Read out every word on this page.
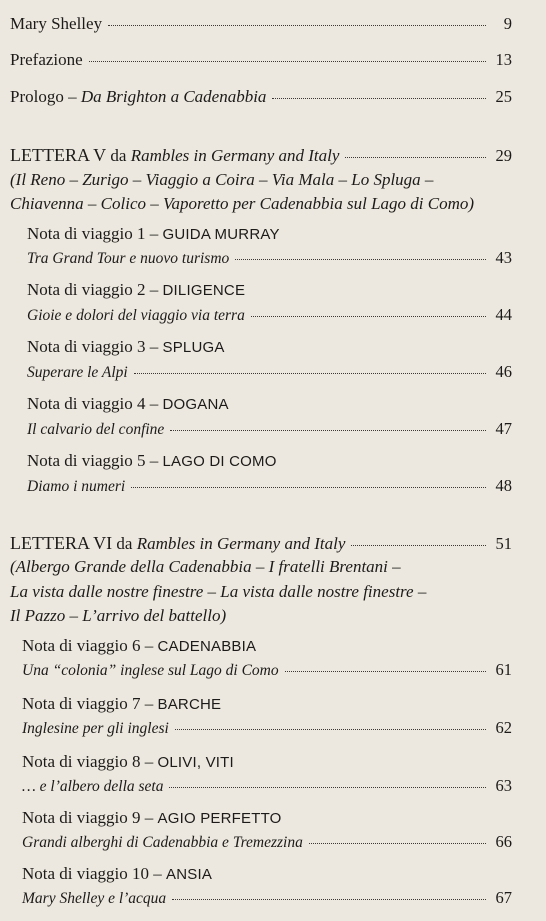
Mary Shelley	9
Prefazione	13
Prologo –
Da Brighton a Cadenabbia	25
LETTERA V
da
Rambles in Germany and Italy	29
(Il Reno – Zurigo – Viaggio a Coira – Via Mala – Lo Spluga –
Chiavenna – Colico – Vaporetto per Cadenabbia sul Lago di Como)
Nota di viaggio 1 –
GUIDA MURRAY
Tra Grand Tour e nuovo turismo	43
Nota di viaggio 2 –
DILIGENCE
Gioie e dolori del viaggio via terra	44
Nota di viaggio 3 –
SPLUGA
Superare le Alpi	46
Nota di viaggio 4 –
DOGANA
Il calvario del confine	47
Nota di viaggio 5 –
LAGO DI COMO
Diamo i numeri	48
LETTERA VI
da
Rambles in Germany and Italy	51
(Albergo Grande della Cadenabbia – I fratelli Brentani –
La vista dalle nostre finestre – La vista dalle nostre finestre –
Il Pazzo – L’arrivo del battello)
Nota di viaggio 6 –
CADENABBIA
Una “colonia” inglese sul Lago di Como	61
Nota di viaggio 7 –
BARCHE
Inglesine per gli inglesi	62
Nota di viaggio 8 –
OLIVI, VITI
… e l’albero della seta	63
Nota di viaggio 9 –
AGIO PERFETTO
Grandi alberghi di Cadenabbia e Tremezzina	66
Nota di viaggio 10 –
ANSIA
Mary Shelley e l’acqua	67
